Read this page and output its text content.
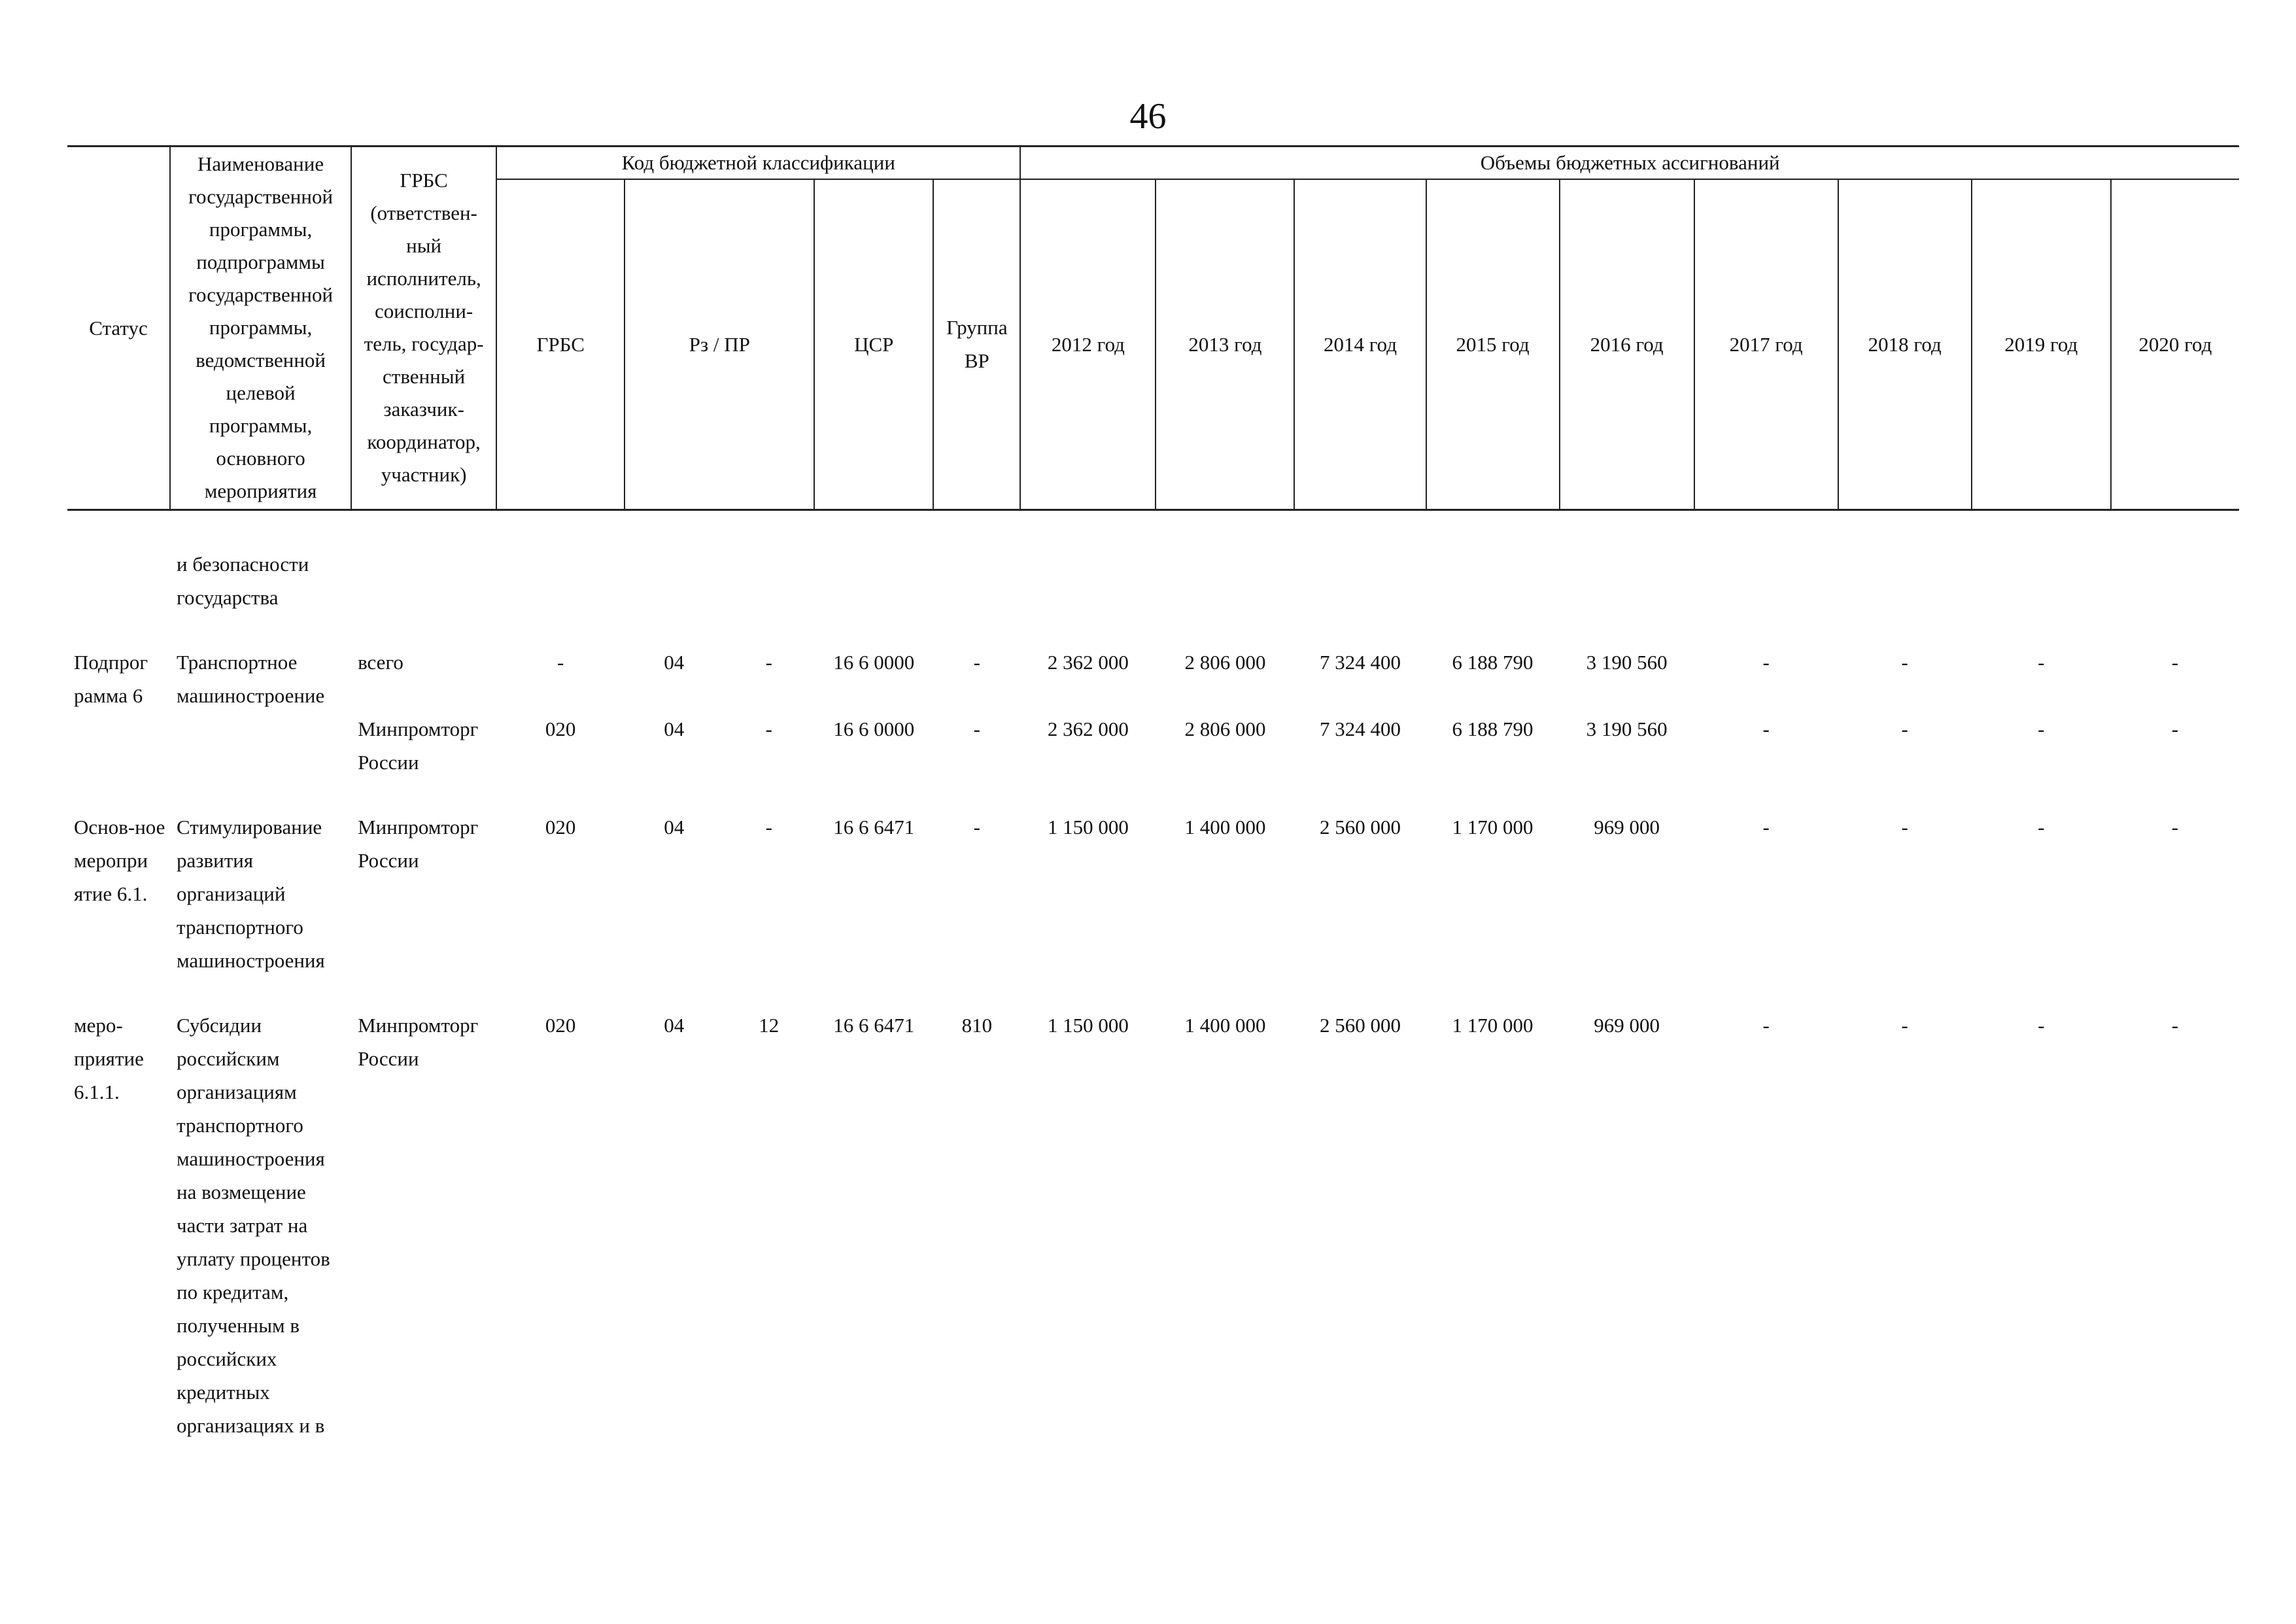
46
Статус	Наименование государственной программы, подпрограммы государственной программы, ведомственной целевой программы, основного мероприятия	ГРБС (ответствен-ный исполнитель, соисполни-тель, государ-ственный заказчик-координатор, участник)	Код бюджетной классификации					Объемы бюджетных ассигнований								
			ГРБС	Рз / ПР		ЦСР	Группа ВР	2012 год	2013 год	2014 год	2015 год	2016 год	2017 год	2018 год	2019 год	2020 год

	и безопасности государства															

Подпрог рамма 6	Транспортное машиностроение	всего	-	04	-	16 6 0000	-	2 362 000	2 806 000	7 324 400	6 188 790	3 190 560	-	-	-	-

		Минпромторг России	020	04	-	16 6 0000	-	2 362 000	2 806 000	7 324 400	6 188 790	3 190 560	-	-	-	-

Основ-ное меропри ятие 6.1.	Стимулирование развития организаций транспортного машиностроения	Минпромторг России	020	04	-	16 6 6471	-	1 150 000	1 400 000	2 560 000	1 170 000	969 000	-	-	-	-

меро-приятие 6.1.1.	Субсидии российским организациям транспортного машиностроения на возмещение части затрат на уплату процентов по кредитам, полученным в российских кредитных организациях и в	Минпромторг России	020	04	12	16 6 6471	810	1 150 000	1 400 000	2 560 000	1 170 000	969 000	-	-	-	-
